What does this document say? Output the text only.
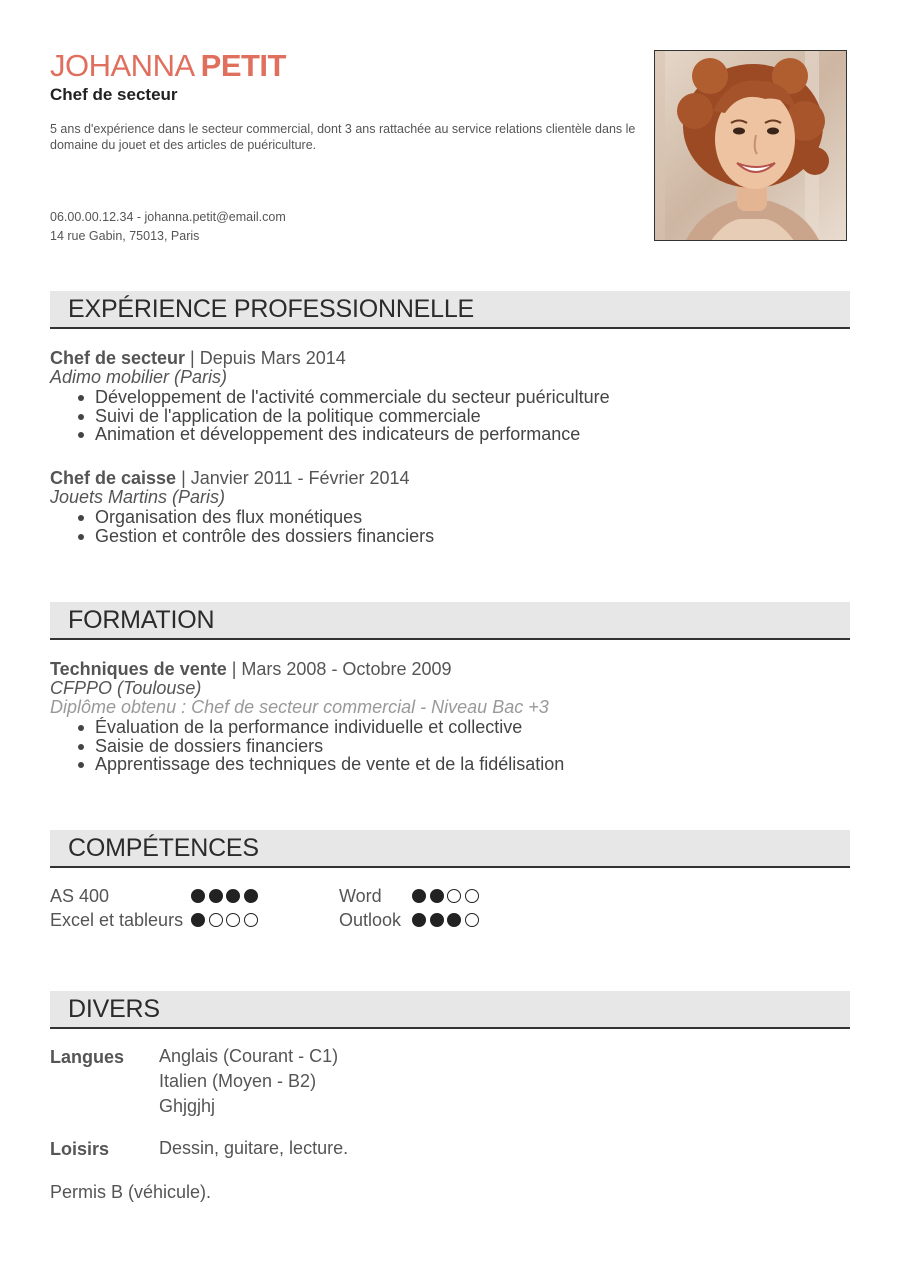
JOHANNA PETIT
Chef de secteur
5 ans d'expérience dans le secteur commercial, dont 3 ans rattachée au service relations clientèle dans le domaine du jouet et des articles de puériculture.
06.00.00.12.34 - johanna.petit@email.com
14 rue Gabin, 75013, Paris
EXPÉRIENCE PROFESSIONNELLE
Chef de secteur | Depuis Mars 2014
Adimo mobilier (Paris)
Développement de l'activité commerciale du secteur puériculture
Suivi de l'application de la politique commerciale
Animation et développement des indicateurs de performance
Chef de caisse | Janvier 2011 - Février 2014
Jouets Martins (Paris)
Organisation des flux monétiques
Gestion et contrôle des dossiers financiers
FORMATION
Techniques de vente | Mars 2008 - Octobre 2009
CFPPO (Toulouse)
Diplôme obtenu : Chef de secteur commercial - Niveau Bac +3
Évaluation de la performance individuelle et collective
Saisie de dossiers financiers
Apprentissage des techniques de vente et de la fidélisation
COMPÉTENCES
AS 400
Excel et tableurs
Word
Outlook
DIVERS
Langues Anglais (Courant - C1)
Italien (Moyen - B2)
Ghjgjhj
Loisirs	Dessin, guitare, lecture.
Permis B (véhicule).
